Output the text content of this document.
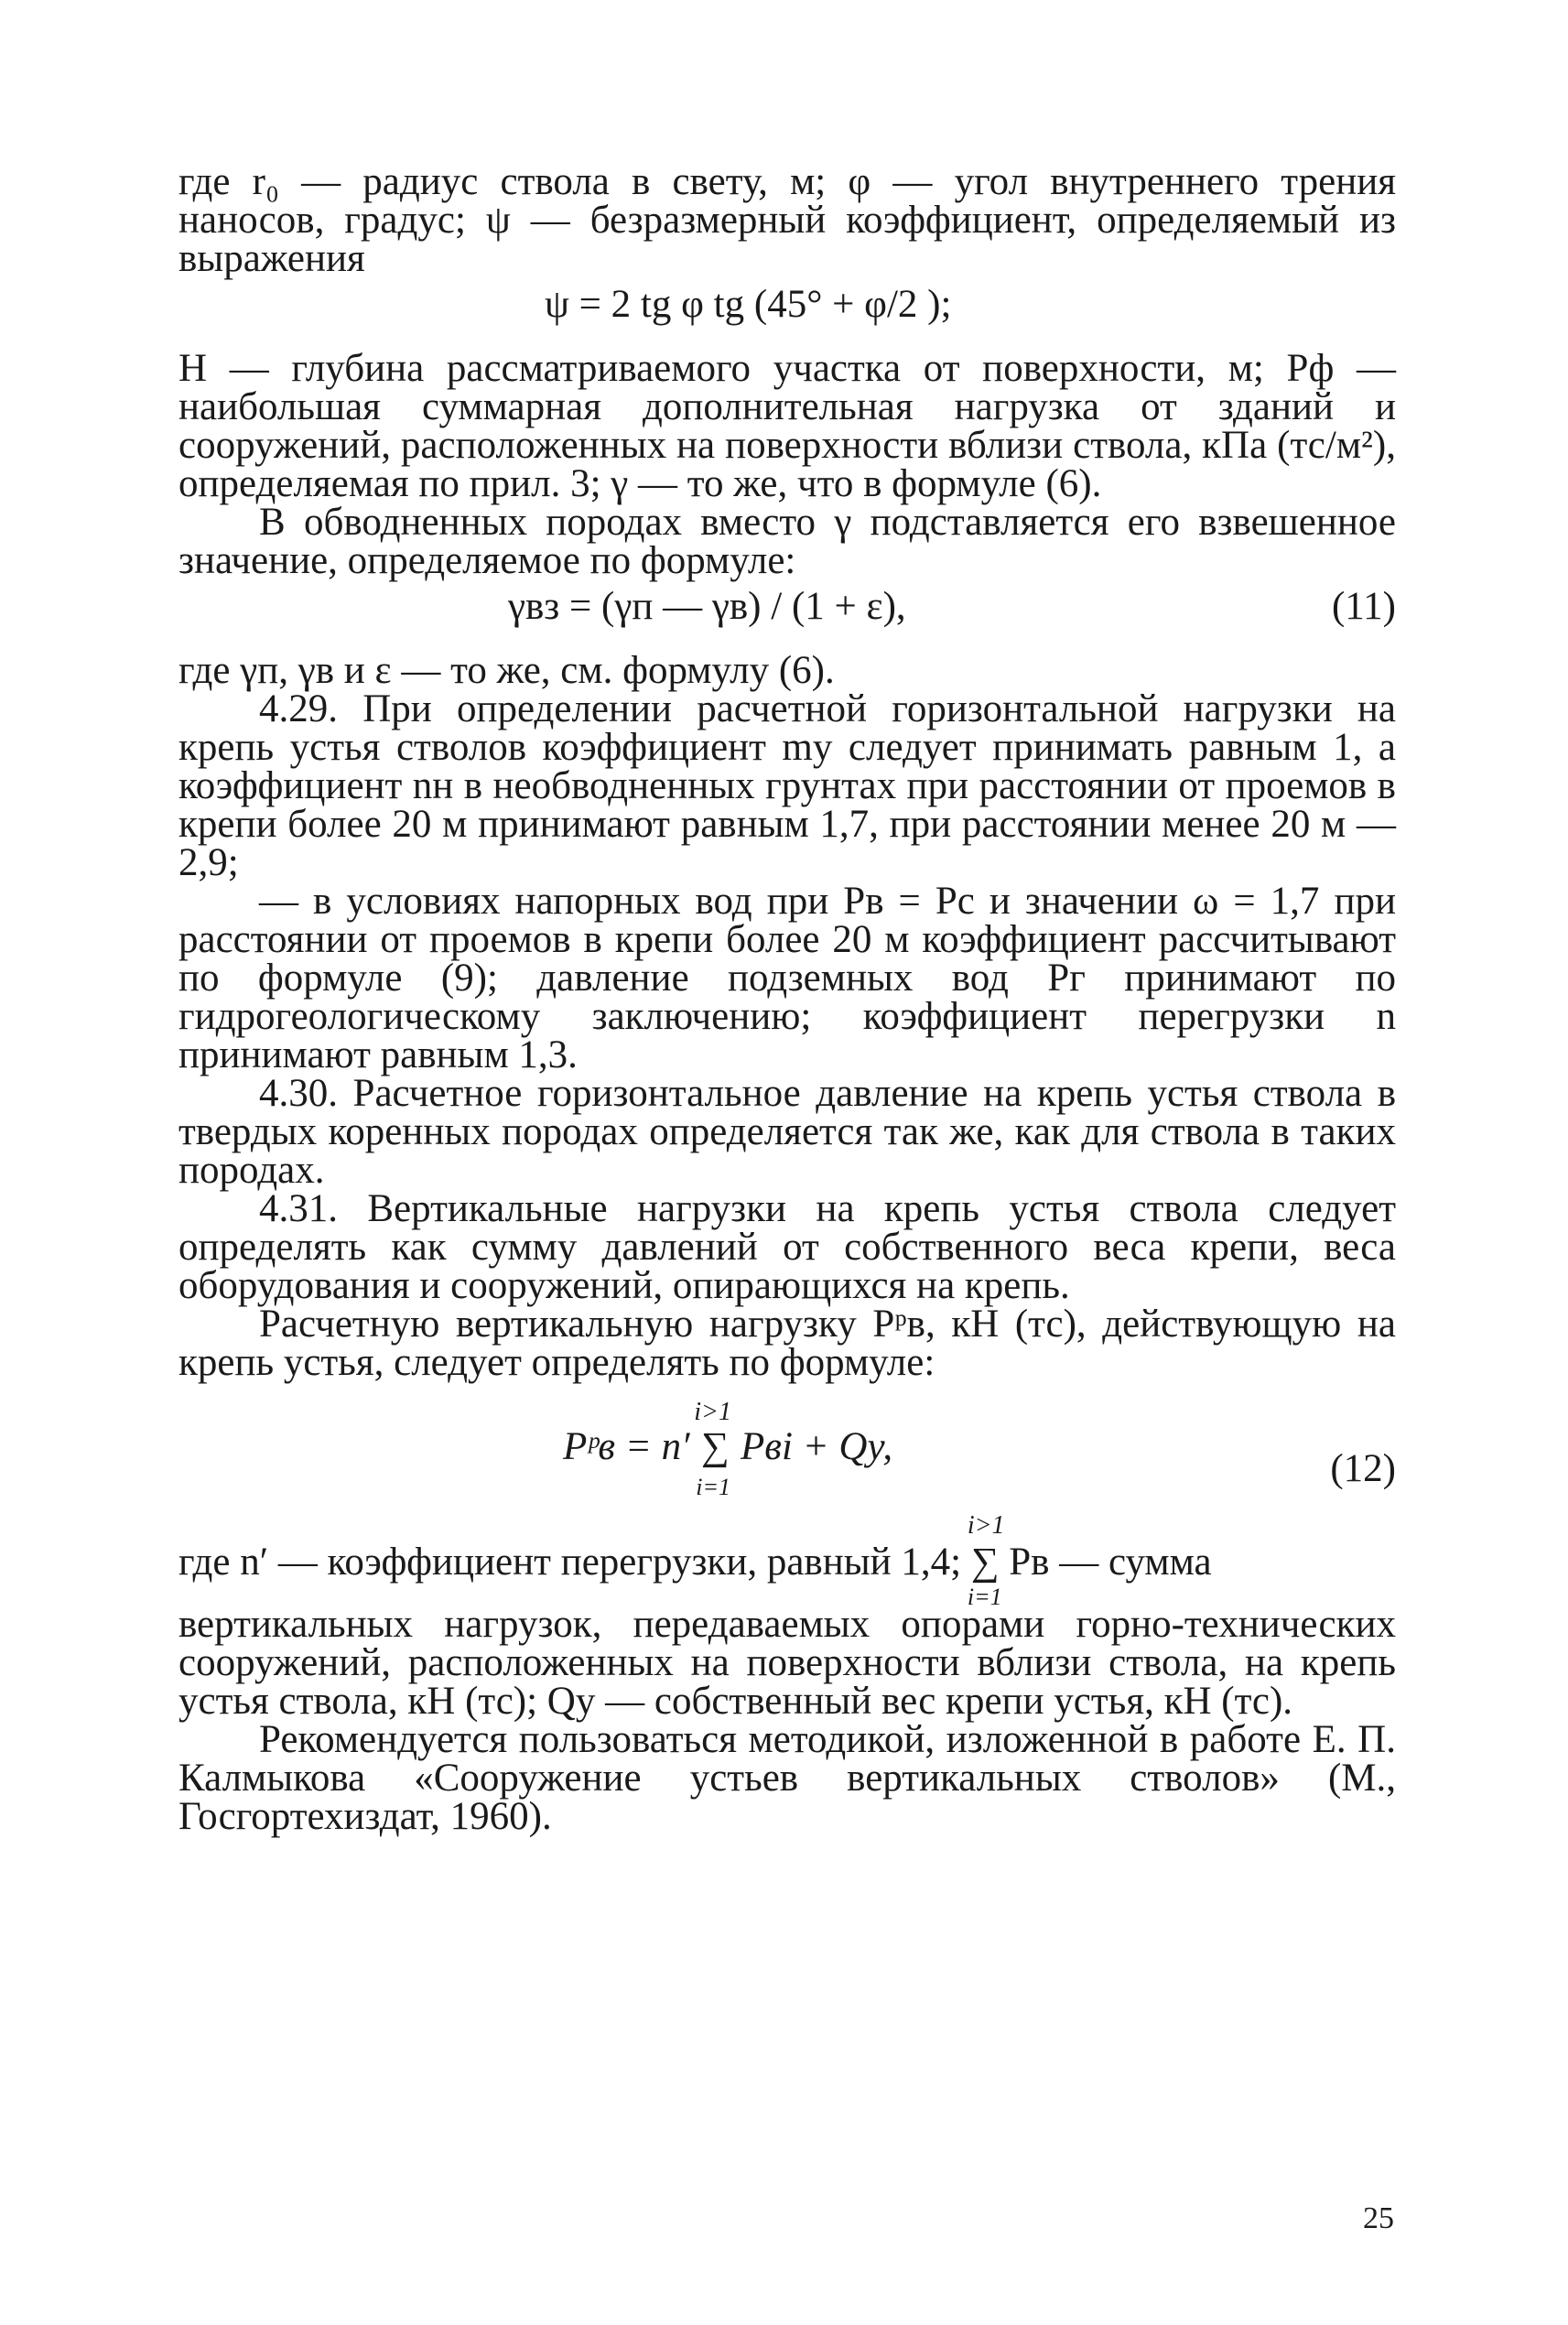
где r₀ — радиус ствола в свету, м; φ — угол внутреннего трения наносов, градус; ψ — безразмерный коэффициент, определяемый из выражения

ψ = 2 tg φ tg (45° + φ/2 );

H — глубина рассматриваемого участка от поверхности, м; Pф — наибольшая суммарная дополнительная нагрузка от зданий и сооружений, расположенных на поверхности вблизи ствола, кПа (тс/м²), определяемая по прил. 3; γ — то же, что в формуле (6).

В обводненных породах вместо γ подставляется его взвешенное значение, определяемое по формуле:

γвз = (γп — γв) / (1 + ε),	(11)

где γп, γв и ε — то же, см. формулу (6).

4.29. При определении расчетной горизонтальной нагрузки на крепь устья стволов коэффициент mу следует принимать равным 1, а коэффициент nн в необводненных грунтах при расстоянии от проемов в крепи более 20 м принимают равным 1,7, при расстоянии менее 20 м — 2,9;

— в условиях напорных вод при Pв = Pс и значении ω = 1,7 при расстоянии от проемов в крепи более 20 м коэффициент рассчитывают по формуле (9); давление подземных вод Pг принимают по гидрогеологическому заключению; коэффициент перегрузки n принимают равным 1,3.

4.30. Расчетное горизонтальное давление на крепь устья ствола в твердых коренных породах определяется так же, как для ствола в таких породах.

4.31. Вертикальные нагрузки на крепь устья ствола следует определять как сумму давлений от собственного веса крепи, веса оборудования и сооружений, опирающихся на крепь.

Расчетную вертикальную нагрузку Pᵖв, кН (тс), действующую на крепь устья, следует определять по формуле:

Pᵖв = n′ ∑
i>1
i=1
Pвi + Qу,
(12)

где n′ — коэффициент перегрузки, равный 1,4; ∑
i>1
i=1
Pв — сумма

вертикальных нагрузок, передаваемых опорами горно-технических сооружений, расположенных на поверхности вблизи ствола, на крепь устья ствола, кН (тс); Qу — собственный вес крепи устья, кН (тс).

Рекомендуется пользоваться методикой, изложенной в работе Е. П. Калмыкова «Сооружение устьев вертикальных стволов» (М., Госгортехиздат, 1960).

25
